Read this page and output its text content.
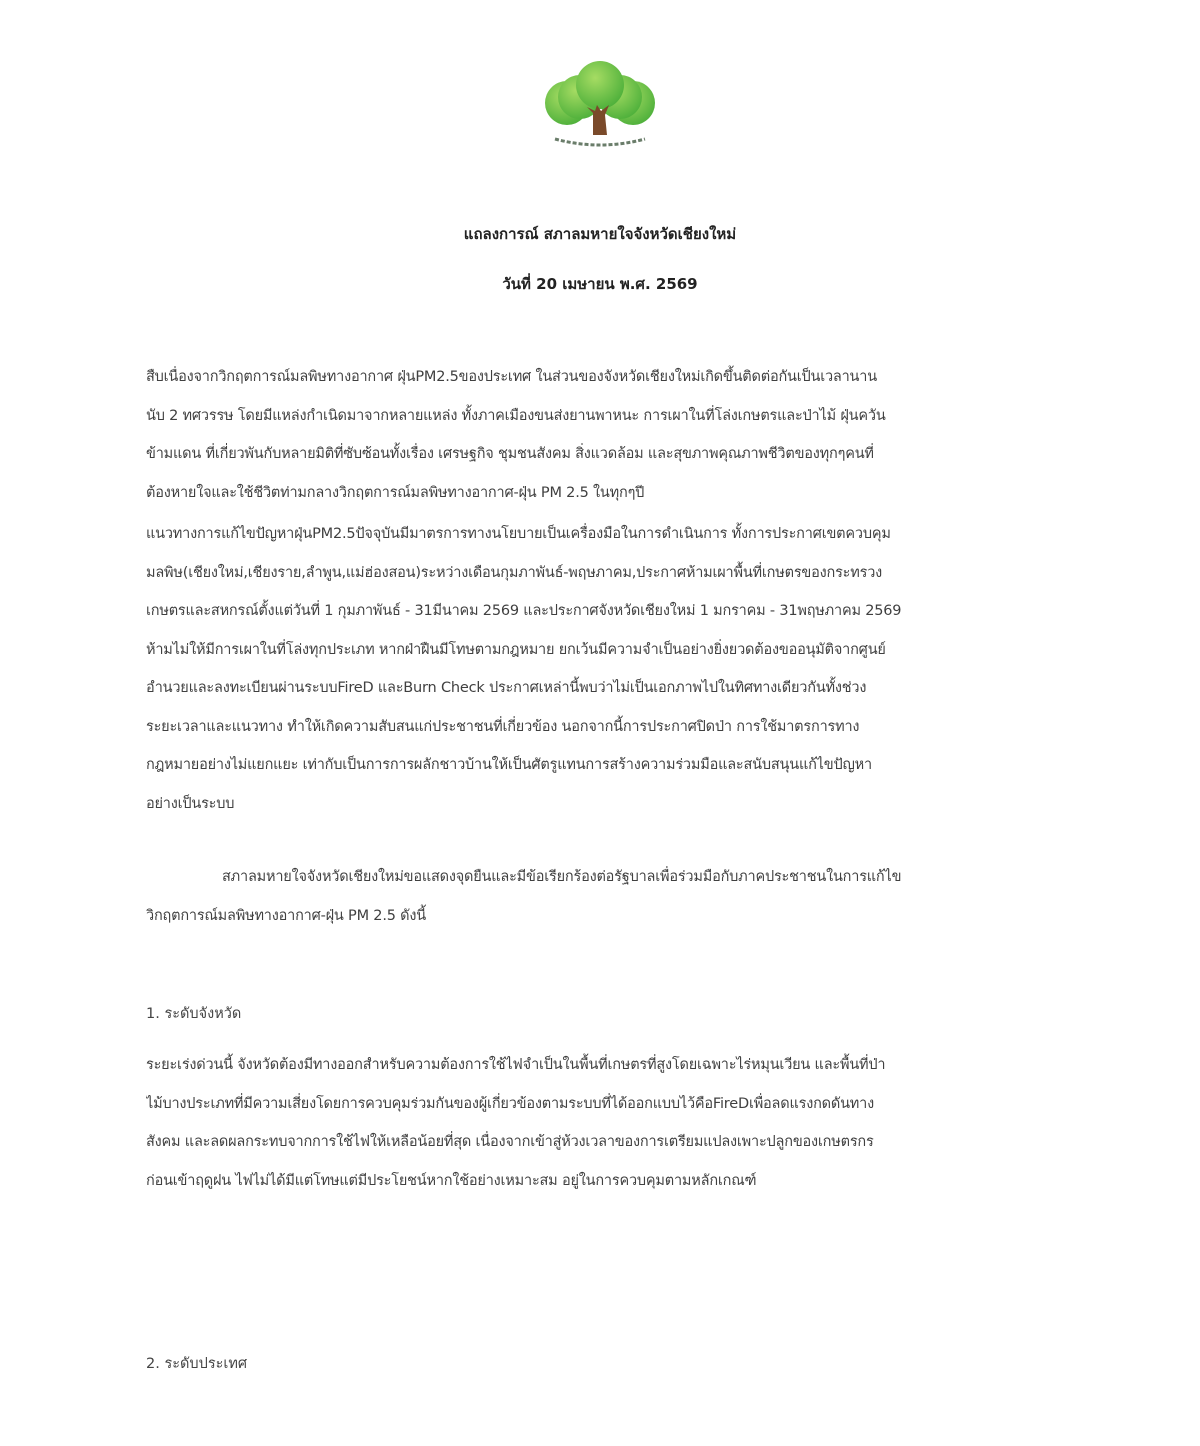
แถลงการณ์ สภาลมหายใจจังหวัดเชียงใหม่
วันที่ 20 เมษายน พ.ศ. 2569
สืบเนื่องจากวิกฤตการณ์มลพิษทางอากาศ ฝุ่นPM2.5ของประเทศ ในส่วนของจังหวัดเชียงใหม่เกิดขึ้นติดต่อกันเป็นเวลานาน
นับ 2 ทศวรรษ โดยมีแหล่งกำเนิดมาจากหลายแหล่ง ทั้งภาคเมืองขนส่งยานพาหนะ การเผาในที่โล่งเกษตรและป่าไม้ ฝุ่นควัน
ข้ามแดน ที่เกี่ยวพันกับหลายมิติที่ซับซ้อนทั้งเรื่อง เศรษฐกิจ ชุมชนสังคม สิ่งแวดล้อม และสุขภาพคุณภาพชีวิตของทุกๆคนที่
ต้องหายใจและใช้ชีวิตท่ามกลางวิกฤตการณ์มลพิษทางอากาศ-ฝุ่น PM 2.5 ในทุกๆปี
แนวทางการแก้ไขปัญหาฝุ่นPM2.5ปัจจุบันมีมาตรการทางนโยบายเป็นเครื่องมือในการดำเนินการ ทั้งการประกาศเขตควบคุม
มลพิษ(เชียงใหม่,เชียงราย,ลำพูน,แม่ฮ่องสอน)ระหว่างเดือนกุมภาพันธ์-พฤษภาคม,ประกาศห้ามเผาพื้นที่เกษตรของกระทรวง
เกษตรและสหกรณ์ตั้งแต่วันที่ 1 กุมภาพันธ์ - 31มีนาคม 2569 และประกาศจังหวัดเชียงใหม่ 1 มกราคม - 31พฤษภาคม 2569
ห้ามไม่ให้มีการเผาในที่โล่งทุกประเภท หากฝ่าฝืนมีโทษตามกฎหมาย ยกเว้นมีความจำเป็นอย่างยิ่งยวดต้องขออนุมัติจากศูนย์
อำนวยและลงทะเบียนผ่านระบบFireD และBurn Check ประกาศเหล่านี้พบว่าไม่เป็นเอกภาพไปในทิศทางเดียวกันทั้งช่วง
ระยะเวลาและแนวทาง ทำให้เกิดความสับสนแก่ประชาชนที่เกี่ยวข้อง นอกจากนี้การประกาศปิดป่า การใช้มาตรการทาง
กฎหมายอย่างไม่แยกแยะ เท่ากับเป็นการการผลักชาวบ้านให้เป็นศัตรูแทนการสร้างความร่วมมือและสนับสนุนแก้ไขปัญหา
อย่างเป็นระบบ
สภาลมหายใจจังหวัดเชียงใหม่ขอแสดงจุดยืนและมีข้อเรียกร้องต่อรัฐบาลเพื่อร่วมมือกับภาคประชาชนในการแก้ไข
วิกฤตการณ์มลพิษทางอากาศ-ฝุ่น PM 2.5 ดังนี้
1. ระดับจังหวัด
ระยะเร่งด่วนนี้ จังหวัดต้องมีทางออกสำหรับความต้องการใช้ไฟจำเป็นในพื้นที่เกษตรที่สูงโดยเฉพาะไร่หมุนเวียน และพื้นที่ป่า
ไม้บางประเภทที่มีความเสี่ยงโดยการควบคุมร่วมกันของผู้เกี่ยวข้องตามระบบที่ได้ออกแบบไว้คือFireDเพื่อลดแรงกดดันทาง
สังคม และลดผลกระทบจากการใช้ไฟให้เหลือน้อยที่สุด เนื่องจากเข้าสู่ห้วงเวลาของการเตรียมแปลงเพาะปลูกของเกษตรกร
ก่อนเข้าฤดูฝน ไฟไม่ได้มีแต่โทษแต่มีประโยชน์หากใช้อย่างเหมาะสม อยู่ในการควบคุมตามหลักเกณฑ์
2. ระดับประเทศ
